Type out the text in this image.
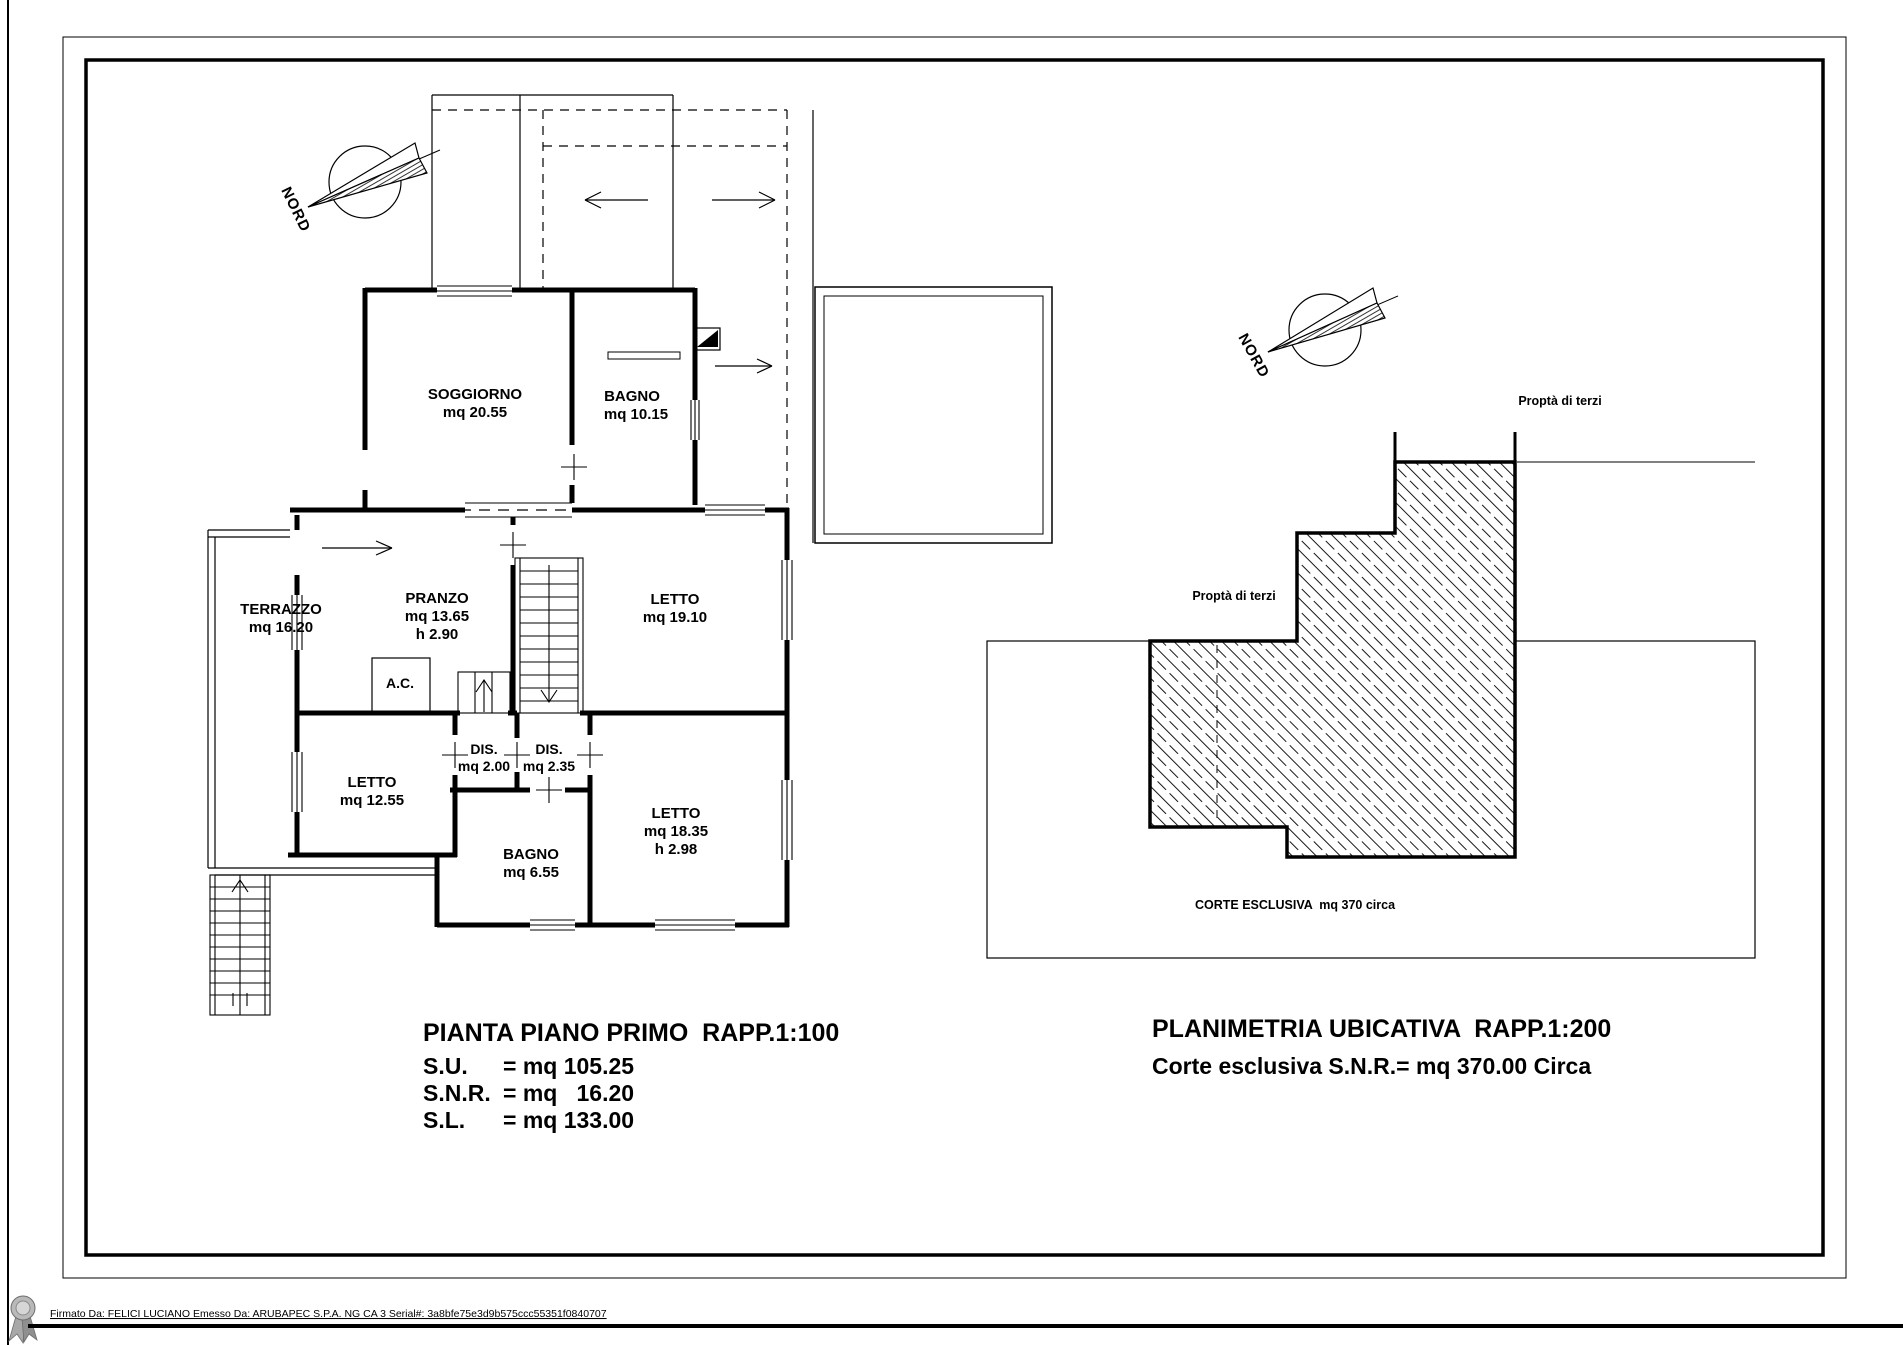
SOGGIORNO
mq 20.55
BAGNO
mq 10.15
TERRAZZO
mq 16.20
PRANZO
mq 13.65
h 2.90
A.C.
LETTO
mq 19.10
DIS.
mq 2.00
DIS.
mq 2.35
LETTO
mq 12.55
LETTO
mq 18.35
h 2.98
BAGNO
mq 6.55
NORD
Proptà di terzi
Proptà di terzi
CORTE ESCLUSIVA  mq 370 circa
NORD
PIANTA PIANO PRIMO  RAPP.1:100
S.U. = mq 105.25
S.N.R. = mq   16.20
S.L. = mq 133.00
PLANIMETRIA UBICATIVA  RAPP.1:200
Corte esclusiva S.N.R.= mq 370.00 Circa
Firmato Da: FELICI LUCIANO Emesso Da: ARUBAPEC S.P.A. NG CA 3 Serial#: 3a8bfe75e3d9b575ccc55351f0840707
